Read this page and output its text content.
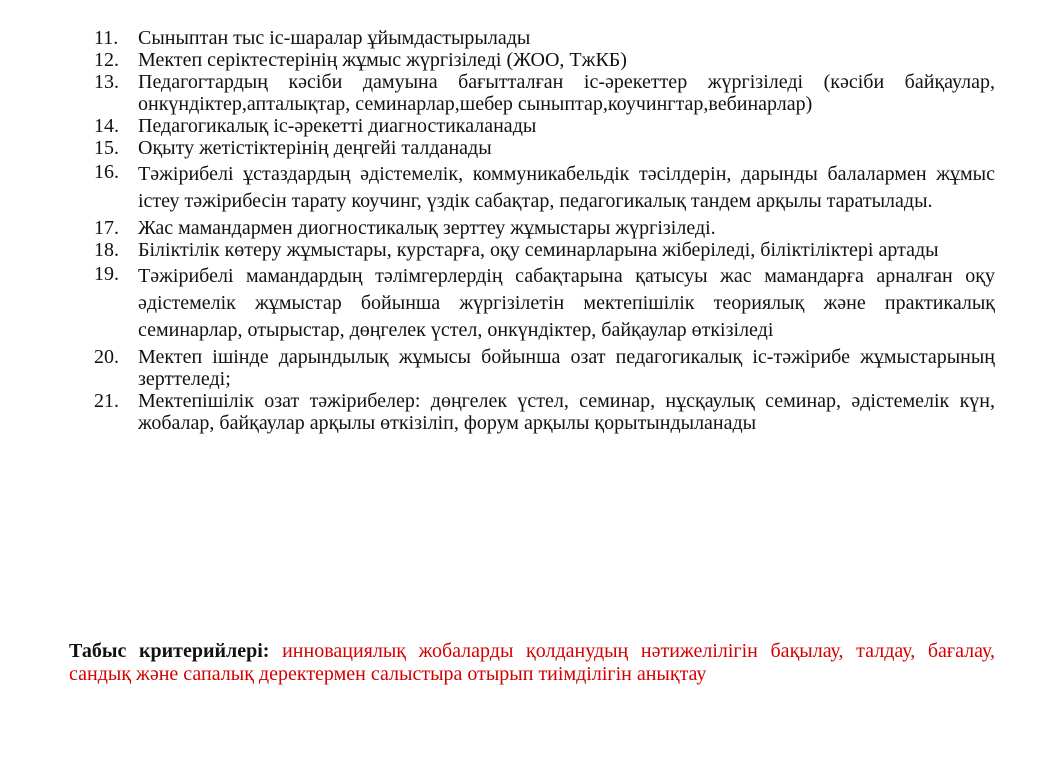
11. Сыныптан тыс іс-шаралар ұйымдастырылады
12. Мектеп серіктестерінің жұмыс жүргізіледі (ЖОО, ТжКБ)
13. Педагогтардың кәсіби дамуына бағытталған іс-әрекеттер жүргізіледі (кәсіби байқаулар, онкүндіктер,апталықтар, семинарлар,шебер сыныптар,коучингтар,вебинарлар)
14. Педагогикалық іс-әрекетті диагностикаланады
15. Оқыту жетістіктерінің деңгейі талданады
16. Тәжірибелі ұстаздардың әдістемелік, коммуникабельдік тәсілдерін, дарынды балалармен жұмыс істеу тәжірибесін тарату коучинг, үздік сабақтар, педагогикалық тандем арқылы таратылады.
17. Жас мамандармен диогностикалық зерттеу жұмыстары жүргізіледі.
18. Біліктілік көтеру жұмыстары, курстарға, оқу семинарларына жіберіледі, біліктіліктері артады
19. Тәжірибелі мамандардың тәлімгерлердің сабақтарына қатысуы жас мамандарға арналған оқу әдістемелік жұмыстар бойынша жүргізілетін мектепішілік теориялық және практикалық семинарлар, отырыстар, дөңгелек үстел, онкүндіктер, байқаулар өткізіледі
20. Мектеп ішінде дарындылық жұмысы бойынша озат педагогикалық іс-тәжірибе жұмыстарының зерттеледі;
21. Мектепішілік озат тәжірибелер: дөңгелек үстел, семинар, нұсқаулық семинар, әдістемелік күн, жобалар, байқаулар арқылы өткізіліп, форум арқылы қорытындыланады

Табыс критерийлері: инновациялық жобаларды қолданудың нәтижелілігін бақылау, талдау, бағалау, сандық және сапалық деректермен салыстыра отырып тиімділігін анықтау
